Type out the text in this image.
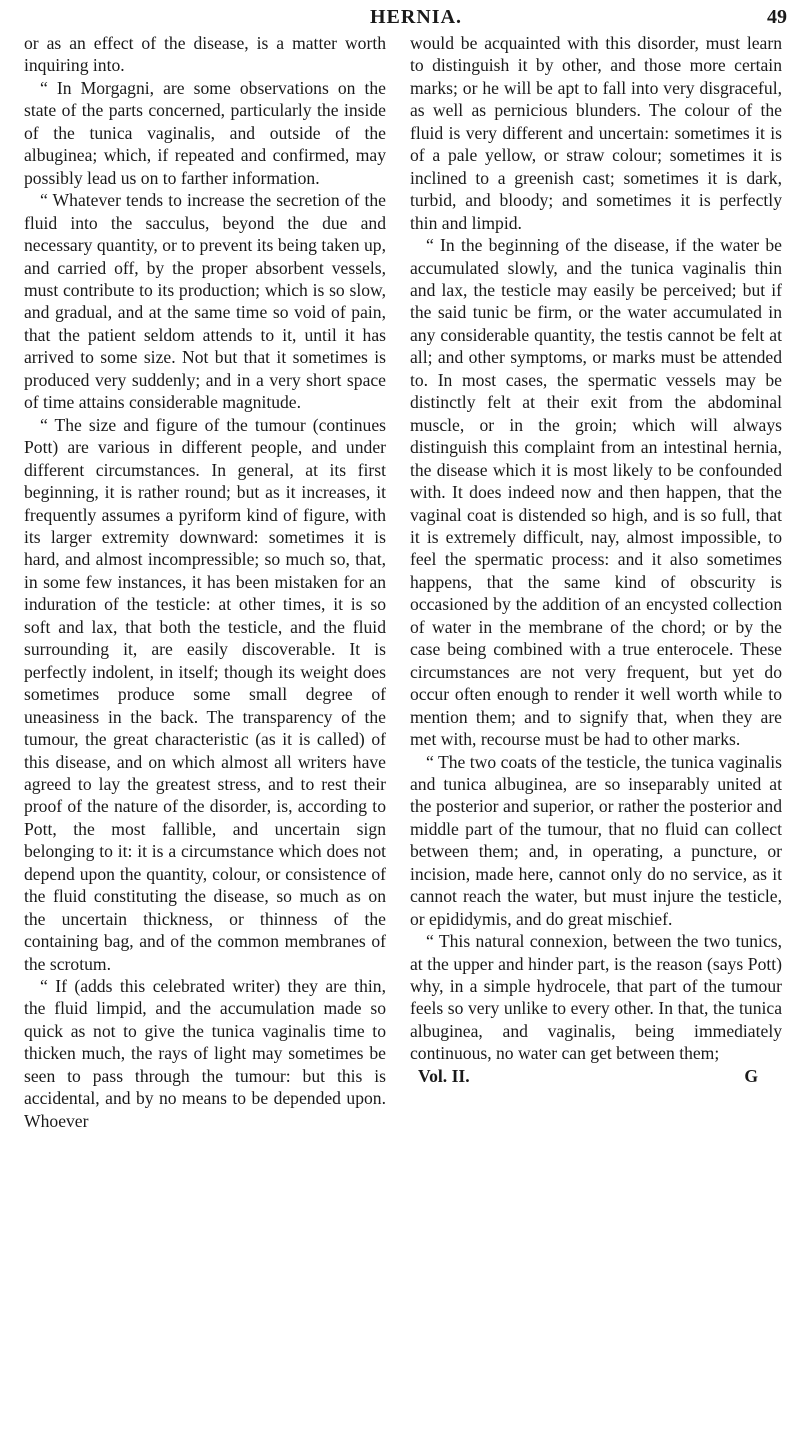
HERNIA.	49

or as an effect of the disease, is a matter worth inquiring into.

“ In Morgagni, are some observations on the state of the parts concerned, particularly the inside of the tunica vaginalis, and outside of the albuginea; which, if repeated and confirmed, may possibly lead us on to farther information.

“ Whatever tends to increase the secretion of the fluid into the sacculus, beyond the due and necessary quantity, or to prevent its being taken up, and carried off, by the proper absorbent vessels, must contribute to its production; which is so slow, and gradual, and at the same time so void of pain, that the patient seldom attends to it, until it has arrived to some size. Not but that it sometimes is produced very suddenly; and in a very short space of time attains considerable magnitude.

“ The size and figure of the tumour (continues Pott) are various in different people, and under different circumstances. In general, at its first beginning, it is rather round; but as it increases, it frequently assumes a pyriform kind of figure, with its larger extremity downward: sometimes it is hard, and almost incompressible; so much so, that, in some few instances, it has been mistaken for an induration of the testicle: at other times, it is so soft and lax, that both the testicle, and the fluid surrounding it, are easily discoverable. It is perfectly indolent, in itself; though its weight does sometimes produce some small degree of uneasiness in the back. The transparency of the tumour, the great characteristic (as it is called) of this disease, and on which almost all writers have agreed to lay the greatest stress, and to rest their proof of the nature of the disorder, is, according to Pott, the most fallible, and uncertain sign belonging to it: it is a circumstance which does not depend upon the quantity, colour, or consistence of the fluid constituting the disease, so much as on the uncertain thickness, or thinness of the containing bag, and of the common membranes of the scrotum.

“ If (adds this celebrated writer) they are thin, the fluid limpid, and the accumulation made so quick as not to give the tunica vaginalis time to thicken much, the rays of light may sometimes be seen to pass through the tumour: but this is accidental, and by no means to be depended upon. Whoever

would be acquainted with this disorder, must learn to distinguish it by other, and those more certain marks; or he will be apt to fall into very disgraceful, as well as pernicious blunders. The colour of the fluid is very different and uncertain: sometimes it is of a pale yellow, or straw colour; sometimes it is inclined to a greenish cast; sometimes it is dark, turbid, and bloody; and sometimes it is perfectly thin and limpid.

“ In the beginning of the disease, if the water be accumulated slowly, and the tunica vaginalis thin and lax, the testicle may easily be perceived; but if the said tunic be firm, or the water accumulated in any considerable quantity, the testis cannot be felt at all; and other symptoms, or marks must be attended to. In most cases, the spermatic vessels may be distinctly felt at their exit from the abdominal muscle, or in the groin; which will always distinguish this complaint from an intestinal hernia, the disease which it is most likely to be confounded with. It does indeed now and then happen, that the vaginal coat is distended so high, and is so full, that it is extremely difficult, nay, almost impossible, to feel the spermatic process: and it also sometimes happens, that the same kind of obscurity is occasioned by the addition of an encysted collection of water in the membrane of the chord; or by the case being combined with a true enterocele. These circumstances are not very frequent, but yet do occur often enough to render it well worth while to mention them; and to signify that, when they are met with, recourse must be had to other marks.

“ The two coats of the testicle, the tunica vaginalis and tunica albuginea, are so inseparably united at the posterior and superior, or rather the posterior and middle part of the tumour, that no fluid can collect between them; and, in operating, a puncture, or incision, made here, cannot only do no service, as it cannot reach the water, but must injure the testicle, or epididymis, and do great mischief.

“ This natural connexion, between the two tunics, at the upper and hinder part, is the reason (says Pott) why, in a simple hydrocele, that part of the tumour feels so very unlike to every other. In that, the tunica albuginea, and vaginalis, being immediately continuous, no water can get between them;

Vol. II.	G
